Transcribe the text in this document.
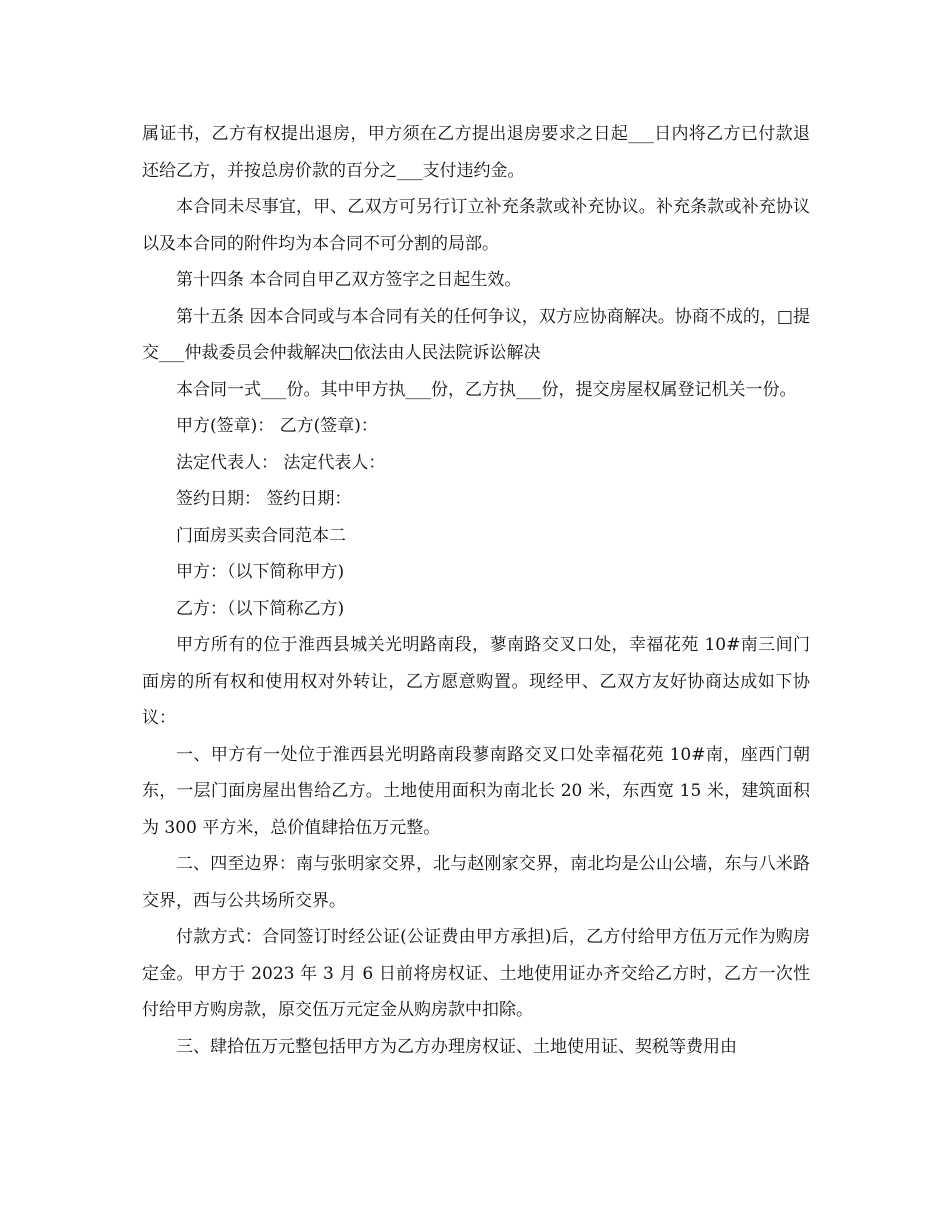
属证书，乙方有权提出退房，甲方须在乙方提出退房要求之日起___日内将乙方已付款退还给乙方，并按总房价款的百分之___支付违约金。

本合同未尽事宜，甲、乙双方可另行订立补充条款或补充协议。补充条款或补充协议以及本合同的附件均为本合同不可分割的局部。

第十四条 本合同自甲乙双方签字之日起生效。

第十五条 因本合同或与本合同有关的任何争议，双方应协商解决。协商不成的，□提交___仲裁委员会仲裁解决□依法由人民法院诉讼解决

本合同一式___份。其中甲方执___份，乙方执___份，提交房屋权属登记机关一份。

甲方(签章)： 乙方(签章)：

法定代表人： 法定代表人：

签约日期： 签约日期：

门面房买卖合同范本二

甲方：（以下简称甲方)

乙方：（以下简称乙方)

甲方所有的位于淮西县城关光明路南段，蓼南路交叉口处，幸福花苑 10#南三间门面房的所有权和使用权对外转让，乙方愿意购置。现经甲、乙双方友好协商达成如下协议：

一、甲方有一处位于淮西县光明路南段蓼南路交叉口处幸福花苑 10#南，座西门朝东，一层门面房屋出售给乙方。土地使用面积为南北长 20 米，东西宽 15 米，建筑面积为 300 平方米，总价值肆拾伍万元整。

二、四至边界：南与张明家交界，北与赵刚家交界，南北均是公山公墙，东与八米路交界，西与公共场所交界。

付款方式：合同签订时经公证(公证费由甲方承担)后，乙方付给甲方伍万元作为购房定金。甲方于 2023 年 3 月 6 日前将房权证、土地使用证办齐交给乙方时，乙方一次性付给甲方购房款，原交伍万元定金从购房款中扣除。

三、肆拾伍万元整包括甲方为乙方办理房权证、土地使用证、契税等费用由
